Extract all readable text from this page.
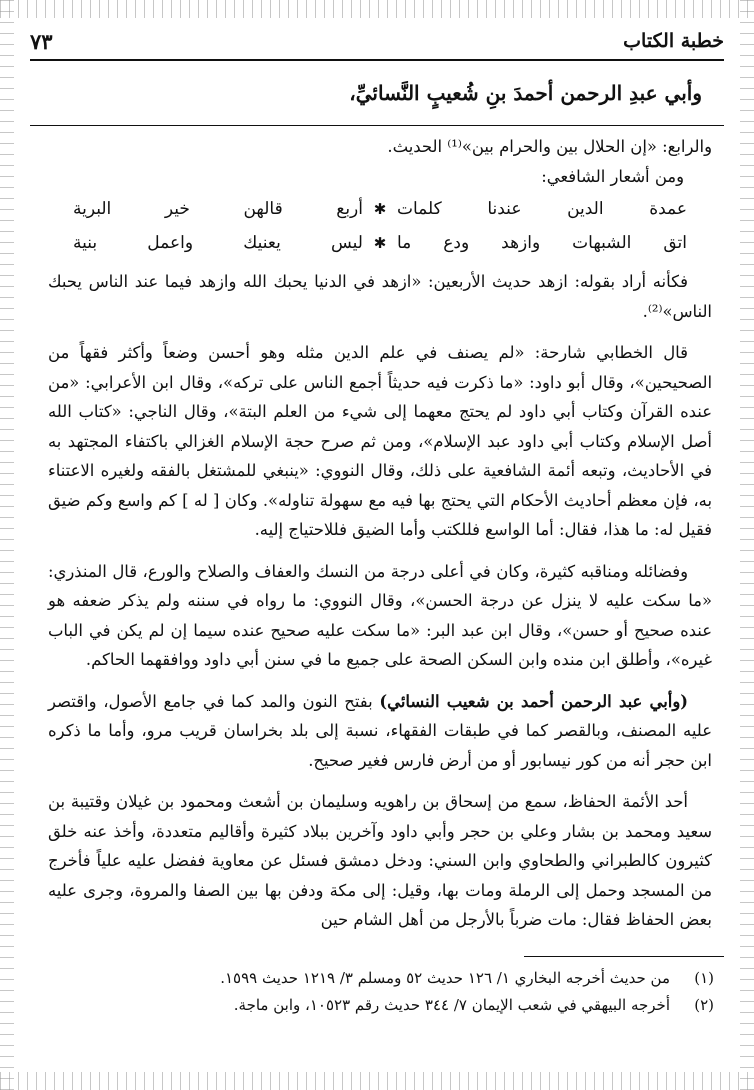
خطبة الكتاب
٧٣
وأبي عبدِ الرحمن أحمدَ بنِ شُعيبٍ النَّسائيِّ،

والرابع: «إن الحلال بين والحرام بين»⁽¹⁾ الحديث.

ومن أشعار الشافعي:

عمدة الدين عندنا كلمات
✱
أربع قالهن خير البرية
اتق الشبهات وازهد ودع ما
✱
ليس يعنيك واعمل بنية

فكأنه أراد بقوله: ازهد حديث الأربعين: «ازهد في الدنيا يحبك الله وازهد فيما عند الناس يحبك الناس»⁽²⁾.

قال الخطابي شارحة: «لم يصنف في علم الدين مثله وهو أحسن وضعاً وأكثر فقهاً من الصحيحين»، وقال أبو داود: «ما ذكرت فيه حديثاً أجمع الناس على تركه»، وقال ابن الأعرابي: «من عنده القرآن وكتاب أبي داود لم يحتج معهما إلى شيء من العلم البتة»، وقال الناجي: «كتاب الله أصل الإسلام وكتاب أبي داود عبد الإسلام»، ومن ثم صرح حجة الإسلام الغزالي باكتفاء المجتهد به في الأحاديث، وتبعه أئمة الشافعية على ذلك، وقال النووي: «ينبغي للمشتغل بالفقه ولغيره الاعتناء به، فإن معظم أحاديث الأحكام التي يحتج بها فيه مع سهولة تناوله». وكان [ له ] كم واسع وكم ضيق فقيل له: ما هذا، فقال: أما الواسع فللكتب وأما الضيق فللاحتياج إليه.

وفضائله ومناقبه كثيرة، وكان في أعلى درجة من النسك والعفاف والصلاح والورع، قال المنذري: «ما سكت عليه لا ينزل عن درجة الحسن»، وقال النووي: ما رواه في سننه ولم يذكر ضعفه هو عنده صحيح أو حسن»، وقال ابن عبد البر: «ما سكت عليه صحيح عنده سيما إن لم يكن في الباب غيره»، وأطلق ابن منده وابن السكن الصحة على جميع ما في سنن أبي داود ووافقهما الحاكم.

(وأبي عبد الرحمن أحمد بن شعيب النسائي) بفتح النون والمد كما في جامع الأصول، واقتصر عليه المصنف، وبالقصر كما في طبقات الفقهاء، نسبة إلى بلد بخراسان قريب مرو، وأما ما ذكره ابن حجر أنه من كور نيسابور أو من أرض فارس فغير صحيح.

أحد الأئمة الحفاظ، سمع من إسحاق بن راهويه وسليمان بن أشعث ومحمود بن غيلان وقتيبة بن سعيد ومحمد بن بشار وعلي بن حجر وأبي داود وآخرين ببلاد كثيرة وأقاليم متعددة، وأخذ عنه خلق كثيرون كالطبراني والطحاوي وابن السني: ودخل دمشق فسئل عن معاوية ففضل عليه علياً فأخرج من المسجد وحمل إلى الرملة ومات بها، وقيل: إلى مكة ودفن بها بين الصفا والمروة، وجرى عليه بعض الحفاظ فقال: مات ضرباً بالأرجل من أهل الشام حين

(١)
من حديث أخرجه البخاري ١/ ١٢٦ حديث ٥٢ ومسلم ٣/ ١٢١٩ حديث ١٥٩٩.
(٢)
أخرجه البيهقي في شعب الإيمان ٧/ ٣٤٤ حديث رقم ١٠٥٢٣، وابن ماجة.
